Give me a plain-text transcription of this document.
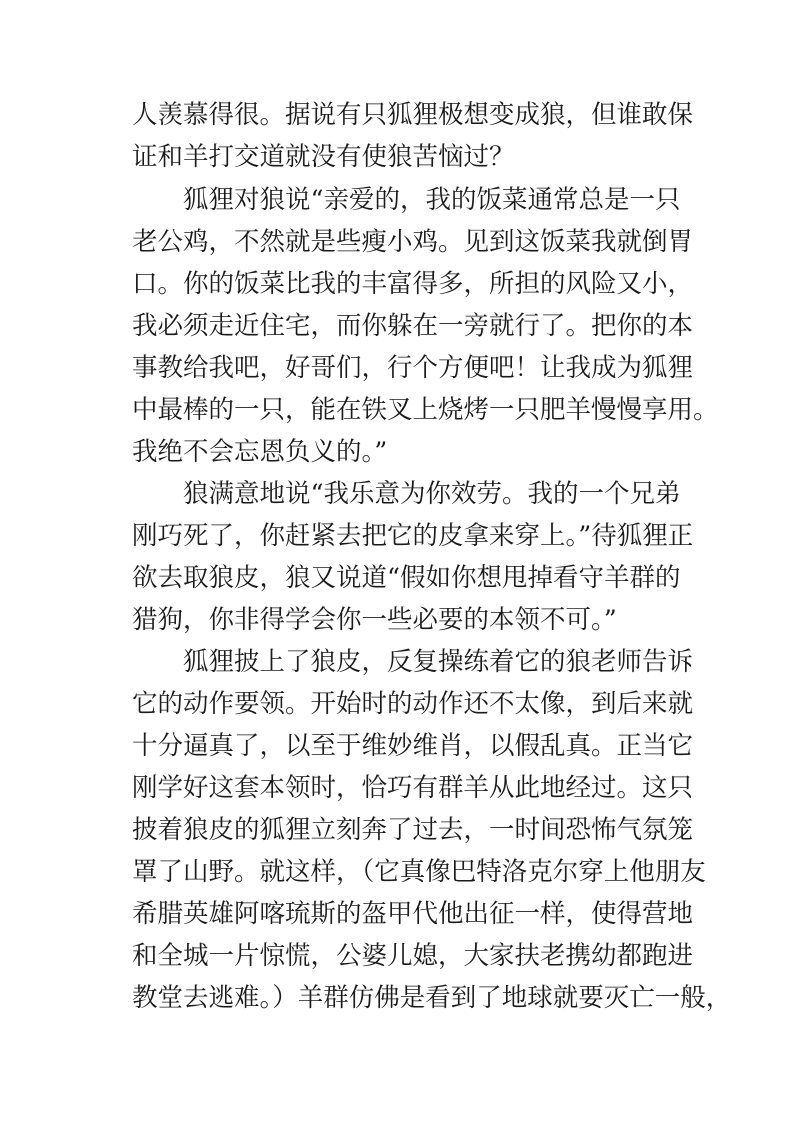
人羡慕得很。据说有只狐狸极想变成狼，但谁敢保
证和羊打交道就没有使狼苦恼过？
狐狸对狼说“亲爱的，我的饭菜通常总是一只
老公鸡，不然就是些瘦小鸡。见到这饭菜我就倒胃
口。你的饭菜比我的丰富得多，所担的风险又小，
我必须走近住宅，而你躲在一旁就行了。把你的本
事教给我吧，好哥们，行个方便吧！让我成为狐狸
中最棒的一只，能在铁叉上烧烤一只肥羊慢慢享用。
我绝不会忘恩负义的。”
狼满意地说“我乐意为你效劳。我的一个兄弟
刚巧死了，你赶紧去把它的皮拿来穿上。”待狐狸正
欲去取狼皮，狼又说道“假如你想甩掉看守羊群的
猎狗，你非得学会你一些必要的本领不可。”
狐狸披上了狼皮，反复操练着它的狼老师告诉
它的动作要领。开始时的动作还不太像，到后来就
十分逼真了，以至于维妙维肖，以假乱真。正当它
刚学好这套本领时，恰巧有群羊从此地经过。这只
披着狼皮的狐狸立刻奔了过去，一时间恐怖气氛笼
罩了山野。就这样，（它真像巴特洛克尔穿上他朋友
希腊英雄阿喀琉斯的盔甲代他出征一样，使得营地
和全城一片惊慌，公婆儿媳，大家扶老携幼都跑进
教堂去逃难。）羊群仿佛是看到了地球就要灭亡一般，
